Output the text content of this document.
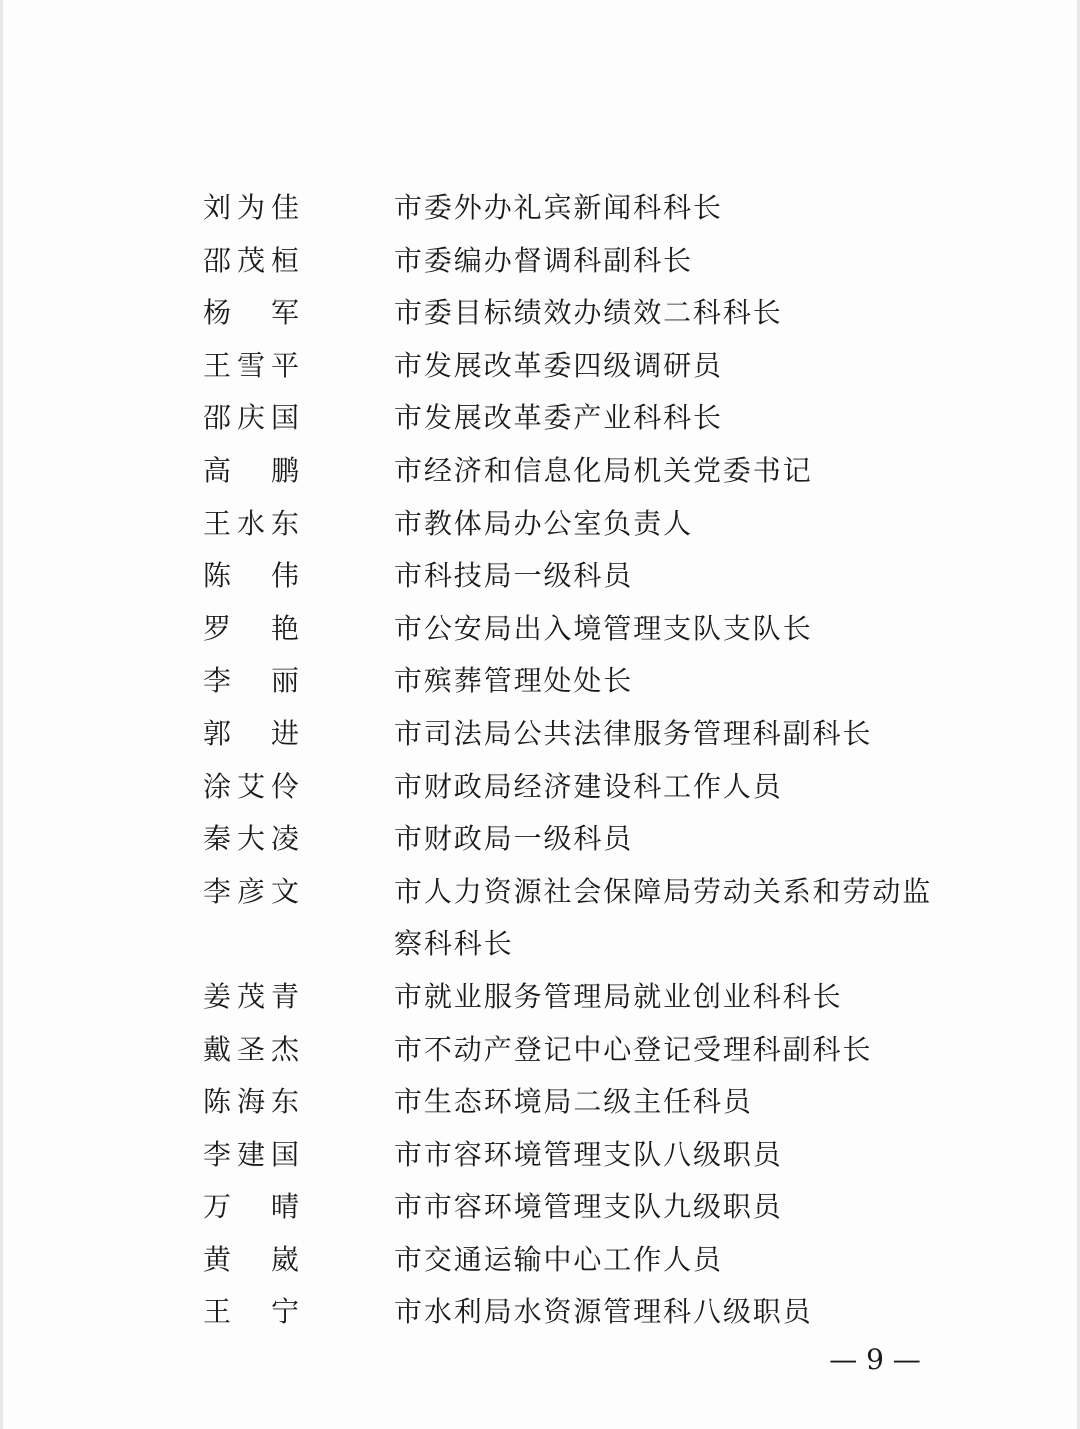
刘为佳	市委外办礼宾新闻科科长
邵茂桓	市委编办督调科副科长
杨　军	市委目标绩效办绩效二科科长
王雪平	市发展改革委四级调研员
邵庆国	市发展改革委产业科科长
高　鹏	市经济和信息化局机关党委书记
王水东	市教体局办公室负责人
陈　伟	市科技局一级科员
罗　艳	市公安局出入境管理支队支队长
李　丽	市殡葬管理处处长
郭　进	市司法局公共法律服务管理科副科长
涂艾伶	市财政局经济建设科工作人员
秦大凌	市财政局一级科员
李彦文	市人力资源社会保障局劳动关系和劳动监察科科长
姜茂青	市就业服务管理局就业创业科科长
戴圣杰	市不动产登记中心登记受理科副科长
陈海东	市生态环境局二级主任科员
李建国	市市容环境管理支队八级职员
万　晴	市市容环境管理支队九级职员
黄　崴	市交通运输中心工作人员
王　宁	市水利局水资源管理科八级职员
— 9 —
